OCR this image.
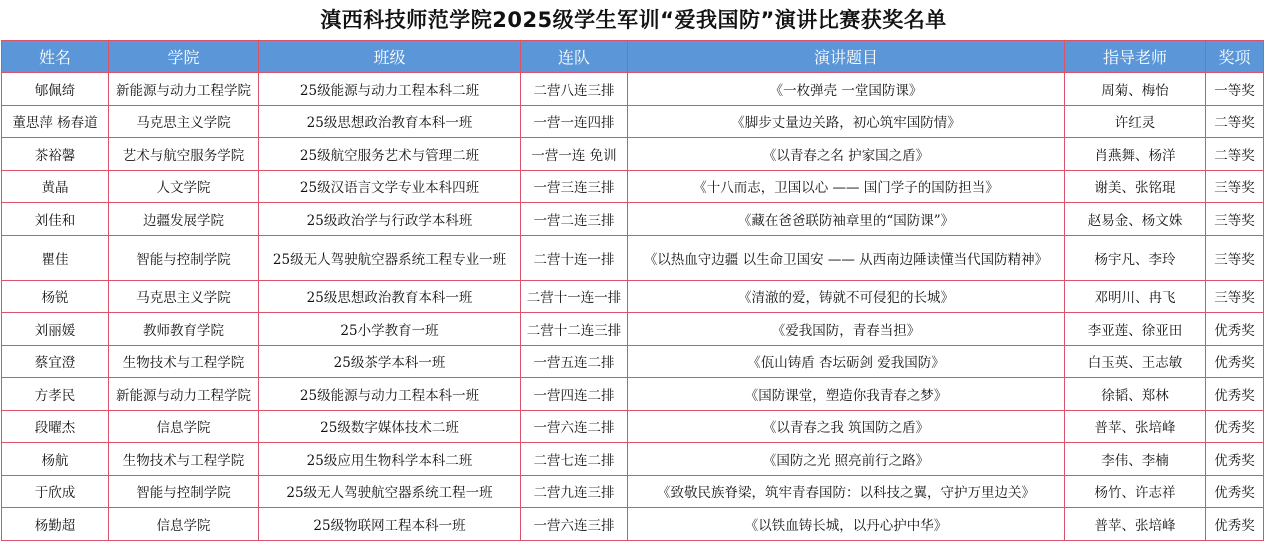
滇西科技师范学院2025级学生军训“爱我国防”演讲比赛获奖名单
姓名	学院	班级	连队	演讲题目	指导老师	奖项
郇佩绮	新能源与动力工程学院	25级能源与动力工程本科二班	二营八连三排	《一枚弹壳 一堂国防课》	周菊、梅怡	一等奖
董思萍 杨春道	马克思主义学院	25级思想政治教育本科一班	一营一连四排	《脚步丈量边关路，初心筑牢国防情》	许红灵	二等奖
茶裕馨	艺术与航空服务学院	25级航空服务艺术与管理二班	一营一连 免训	《以青春之名 护家国之盾》	肖燕舞、杨洋	二等奖
黄晶	人文学院	25级汉语言文学专业本科四班	一营三连三排	《十八而志，卫国以心 —— 国门学子的国防担当》	谢美、张铭琨	三等奖
刘佳和	边疆发展学院	25级政治学与行政学本科班	一营二连三排	《藏在爸爸联防袖章里的“国防课”》	赵易金、杨文姝	三等奖
瞿佳	智能与控制学院	25级无人驾驶航空器系统工程专业一班	二营十连一排	《以热血守边疆 以生命卫国安 —— 从西南边陲读懂当代国防精神》	杨宇凡、李玲	三等奖
杨锐	马克思主义学院	25级思想政治教育本科一班	二营十一连一排	《清澈的爱，铸就不可侵犯的长城》	邓明川、冉飞	三等奖
刘丽媛	教师教育学院	25小学教育一班	二营十二连三排	《爱我国防，青春当担》	李亚莲、徐亚田	优秀奖
蔡宜澄	生物技术与工程学院	25级茶学本科一班	一营五连二排	《佤山铸盾 杏坛砺剑 爱我国防》	白玉英、王志敏	优秀奖
方孝民	新能源与动力工程学院	25级能源与动力工程本科一班	一营四连二排	《国防课堂，塑造你我青春之梦》	徐韬、郑林	优秀奖
段曜杰	信息学院	25级数字媒体技术二班	一营六连二排	《以青春之我 筑国防之盾》	普苹、张培峰	优秀奖
杨航	生物技术与工程学院	25级应用生物科学本科二班	二营七连二排	《国防之光 照亮前行之路》	李伟、李楠	优秀奖
于欣成	智能与控制学院	25级无人驾驶航空器系统工程一班	二营九连三排	《致敬民族脊梁，筑牢青春国防：以科技之翼，守护万里边关》	杨竹、许志祥	优秀奖
杨勤超	信息学院	25级物联网工程本科一班	一营六连三排	《以铁血铸长城，以丹心护中华》	普苹、张培峰	优秀奖
